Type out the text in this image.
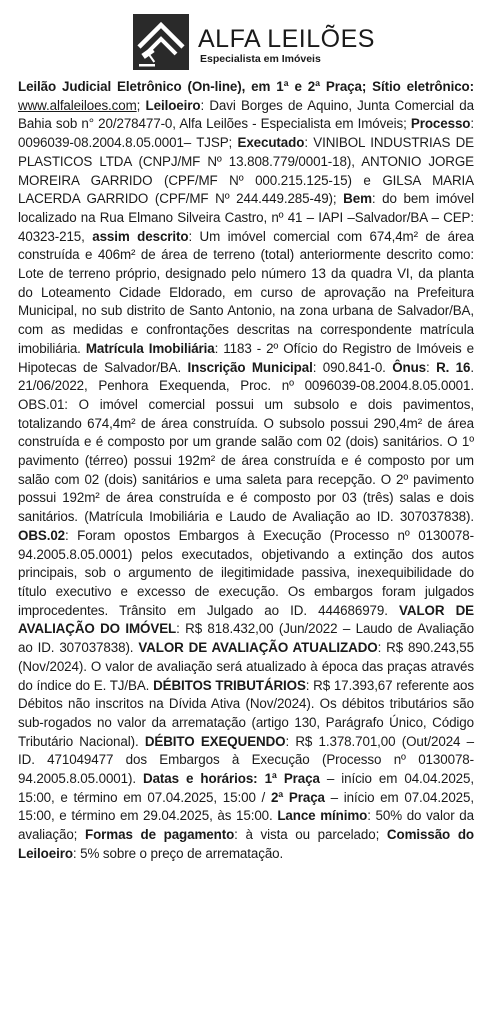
ALFA LEILÕES
Especialista em Imóveis
Leilão Judicial Eletrônico (On-line), em 1ª e 2ª Praça; Sítio eletrônico: www.alfaleiloes.com; Leiloeiro: Davi Borges de Aquino, Junta Comercial da Bahia sob n° 20/278477-0, Alfa Leilões - Especialista em Imóveis; Processo: 0096039-08.2004.8.05.0001– TJSP; Executado: VINIBOL INDUSTRIAS DE PLASTICOS LTDA (CNPJ/MF Nº 13.808.779/0001-18), ANTONIO JORGE MOREIRA GARRIDO (CPF/MF Nº 000.215.125-15) e GILSA MARIA LACERDA GARRIDO (CPF/MF Nº 244.449.285-49); Bem: do bem imóvel localizado na Rua Elmano Silveira Castro, nº 41 – IAPI –Salvador/BA – CEP: 40323-215, assim descrito: Um imóvel comercial com 674,4m² de área construída e 406m² de área de terreno (total) anteriormente descrito como: Lote de terreno próprio, designado pelo número 13 da quadra VI, da planta do Loteamento Cidade Eldorado, em curso de aprovação na Prefeitura Municipal, no sub distrito de Santo Antonio, na zona urbana de Salvador/BA, com as medidas e confrontações descritas na correspondente matrícula imobiliária. Matrícula Imobiliária: 1183 - 2º Ofício do Registro de Imóveis e Hipotecas de Salvador/BA. Inscrição Municipal: 090.841-0. Ônus: R. 16. 21/06/2022, Penhora Exequenda, Proc. nº 0096039-08.2004.8.05.0001. OBS.01: O imóvel comercial possui um subsolo e dois pavimentos, totalizando 674,4m² de área construída. O subsolo possui 290,4m² de área construída e é composto por um grande salão com 02 (dois) sanitários. O 1º pavimento (térreo) possui 192m² de área construída e é composto por um salão com 02 (dois) sanitários e uma saleta para recepção. O 2º pavimento possui 192m² de área construída e é composto por 03 (três) salas e dois sanitários. (Matrícula Imobiliária e Laudo de Avaliação ao ID. 307037838). OBS.02: Foram opostos Embargos à Execução (Processo nº 0130078-94.2005.8.05.0001) pelos executados, objetivando a extinção dos autos principais, sob o argumento de ilegitimidade passiva, inexequibilidade do título executivo e excesso de execução. Os embargos foram julgados improcedentes. Trânsito em Julgado ao ID. 444686979. VALOR DE AVALIAÇÃO DO IMÓVEL: R$ 818.432,00 (Jun/2022 – Laudo de Avaliação ao ID. 307037838). VALOR DE AVALIAÇÃO ATUALIZADO: R$ 890.243,55 (Nov/2024). O valor de avaliação será atualizado à época das praças através do índice do E. TJ/BA. DÉBITOS TRIBUTÁRIOS: R$ 17.393,67 referente aos Débitos não inscritos na Dívida Ativa (Nov/2024). Os débitos tributários são sub-rogados no valor da arrematação (artigo 130, Parágrafo Único, Código Tributário Nacional). DÉBITO EXEQUENDO: R$ 1.378.701,00 (Out/2024 – ID. 471049477 dos Embargos à Execução (Processo nº 0130078-94.2005.8.05.0001). Datas e horários: 1ª Praça – início em 04.04.2025, 15:00, e término em 07.04.2025, 15:00 / 2ª Praça – início em 07.04.2025, 15:00, e término em 29.04.2025, às 15:00. Lance mínimo: 50% do valor da avaliação; Formas de pagamento: à vista ou parcelado; Comissão do Leiloeiro: 5% sobre o preço de arrematação.
